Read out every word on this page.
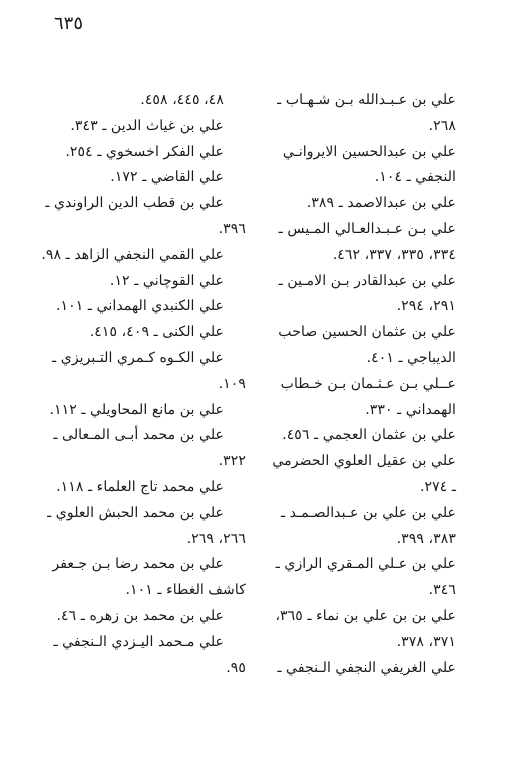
٦٣٥
علي بن عـبـدالله بـن شـهـاب ـ
٢٦٨.
علي بن عبدالحسين الايروانـي
النجفي ـ ١٠٤.
علي بن عبدالاصمد ـ ٣٨٩.
علي بـن عـبـدالعـالي المـيس ـ
٣٣٤، ٣٣٥، ٣٣٧، ٤٦٢.
علي بن عبدالقادر بـن الامـين ـ
٢٩١، ٢٩٤.
علي بن عثمان الحسين صاحب
الديباجي ـ ٤٠١.
عــلي بـن عـثـمان بـن خـطاب
الهمداني ـ ٣٣٠.
علي بن عثمان العجمي ـ ٤٥٦.
علي بن عقيل العلوي الحضرمي
ـ ٢٧٤.
علي بن علي بن عـبدالصـمـد ـ
٣٨٣، ٣٩٩.
علي بن عـلي المـقري الرازي ـ
٣٤٦.
علي بن بن علي بن نماء ـ ٣٦٥،
٣٧١، ٣٧٨.
علي الغريفي النجفي الـنجفي ـ
٤٨، ٤٤٥، ٤٥٨.
علي بن غياث الدين ـ ٣٤٣.
علي الفكر اخسخوي ـ ٢٥٤.
علي القاضي ـ ١٧٢.
علي بن قطب الدين الراوندي ـ
٣٩٦.
علي القمي النجفي الزاهد ـ ٩٨.
علي القوچاني ـ ١٢.
علي الكنبدي الهمداني ـ ١٠١.
علي الكنى ـ ٤٠٩، ٤١٥.
علي الكـوه كـمري التـبريزي ـ
١٠٩.
علي بن مانع المحاويلي ـ ١١٢.
علي بن محمد أبـى المـعالى ـ
٣٢٢.
علي محمد تاج العلماء ـ ١١٨.
علي بن محمد الحبش العلوي ـ
٢٦٦، ٢٦٩.
علي بن محمد رضا بـن جـعفر
كاشف الغطاء ـ ١٠١.
علي بن محمد بن زهره ـ ٤٦.
علي مـحمد اليـزدي الـنجفي ـ
٩٥.
